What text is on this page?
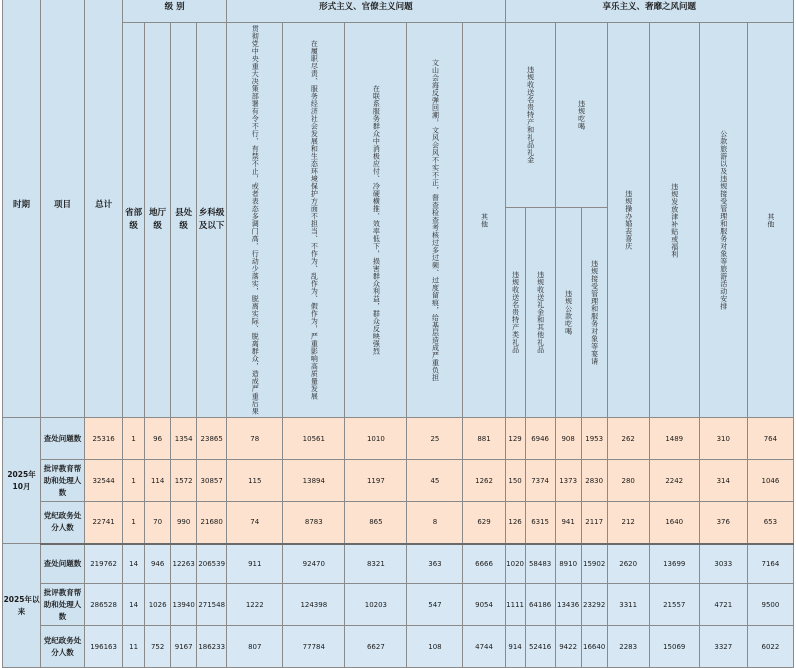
时期	项目	总计	级 别				形式主义、官僚主义问题					享乐主义、奢靡之风问题							
			省部级	地厅级	县处级	乡科级及以下	贯彻党中央重大决策部署有令不行、有禁不止，或者表态多调门高、行动少落实，脱离实际、脱离群众，造成严重后果	在履职尽责、服务经济社会发展和生态环境保护方面不担当、不作为、乱作为、假作为，严重影响高质量发展	在联系服务群众中消极应付、冷硬横推、效率低下，损害群众利益，群众反映强烈	文山会海反弹回潮，文风会风不实不正，督查检查考核过多过频、过度留痕，给基层造成严重负担	其他	违规收送名贵特产和礼品礼金		违规吃喝		违规操办婚丧喜庆	违规发放津补贴或福利	公款旅游以及违规接受管理和服务对象等旅游活动安排	其他
												违规收送名贵特产类礼品	违规收送礼金和其他礼品	违规公款吃喝	违规接受管理和服务对象等宴请				
2025年10月	查处问题数	25316	1	96	1354	23865	78	10561	1010	25	881	129	6946	908	1953	262	1489	310	764
	批评教育帮助和处理人数	32544	1	114	1572	30857	115	13894	1197	45	1262	150	7374	1373	2830	280	2242	314	1046
	党纪政务处分人数	22741	1	70	990	21680	74	8783	865	8	629	126	6315	941	2117	212	1640	376	653
2025年以来	查处问题数	219762	14	946	12263	206539	911	92470	8321	363	6666	1020	58483	8910	15902	2620	13699	3033	7164
	批评教育帮助和处理人数	286528	14	1026	13940	271548	1222	124398	10203	547	9054	1111	64186	13436	23292	3311	21557	4721	9500
	党纪政务处分人数	196163	11	752	9167	186233	807	77784	6627	108	4744	914	52416	9422	16640	2283	15069	3327	6022
